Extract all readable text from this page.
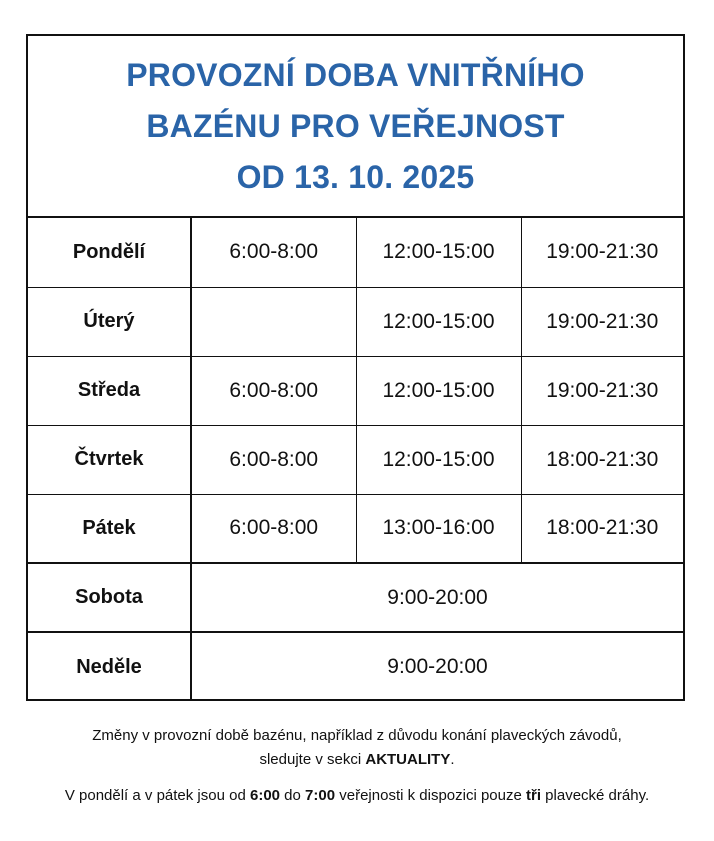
PROVOZNÍ DOBA VNITŘNÍHO
BAZÉNU PRO VEŘEJNOST
OD 13. 10. 2025
Pondělí	6:00-8:00	12:00-15:00	19:00-21:30
Úterý		12:00-15:00	19:00-21:30
Středa	6:00-8:00	12:00-15:00	19:00-21:30
Čtvrtek	6:00-8:00	12:00-15:00	18:00-21:30
Pátek	6:00-8:00	13:00-16:00	18:00-21:30
Sobota	9:00-20:00		
Neděle	9:00-20:00		

Změny v provozní době bazénu, například z důvodu konání plaveckých závodů,
sledujte v sekci AKTUALITY.

V pondělí a v pátek jsou od 6:00 do 7:00 veřejnosti k dispozici pouze tři plavecké dráhy.
